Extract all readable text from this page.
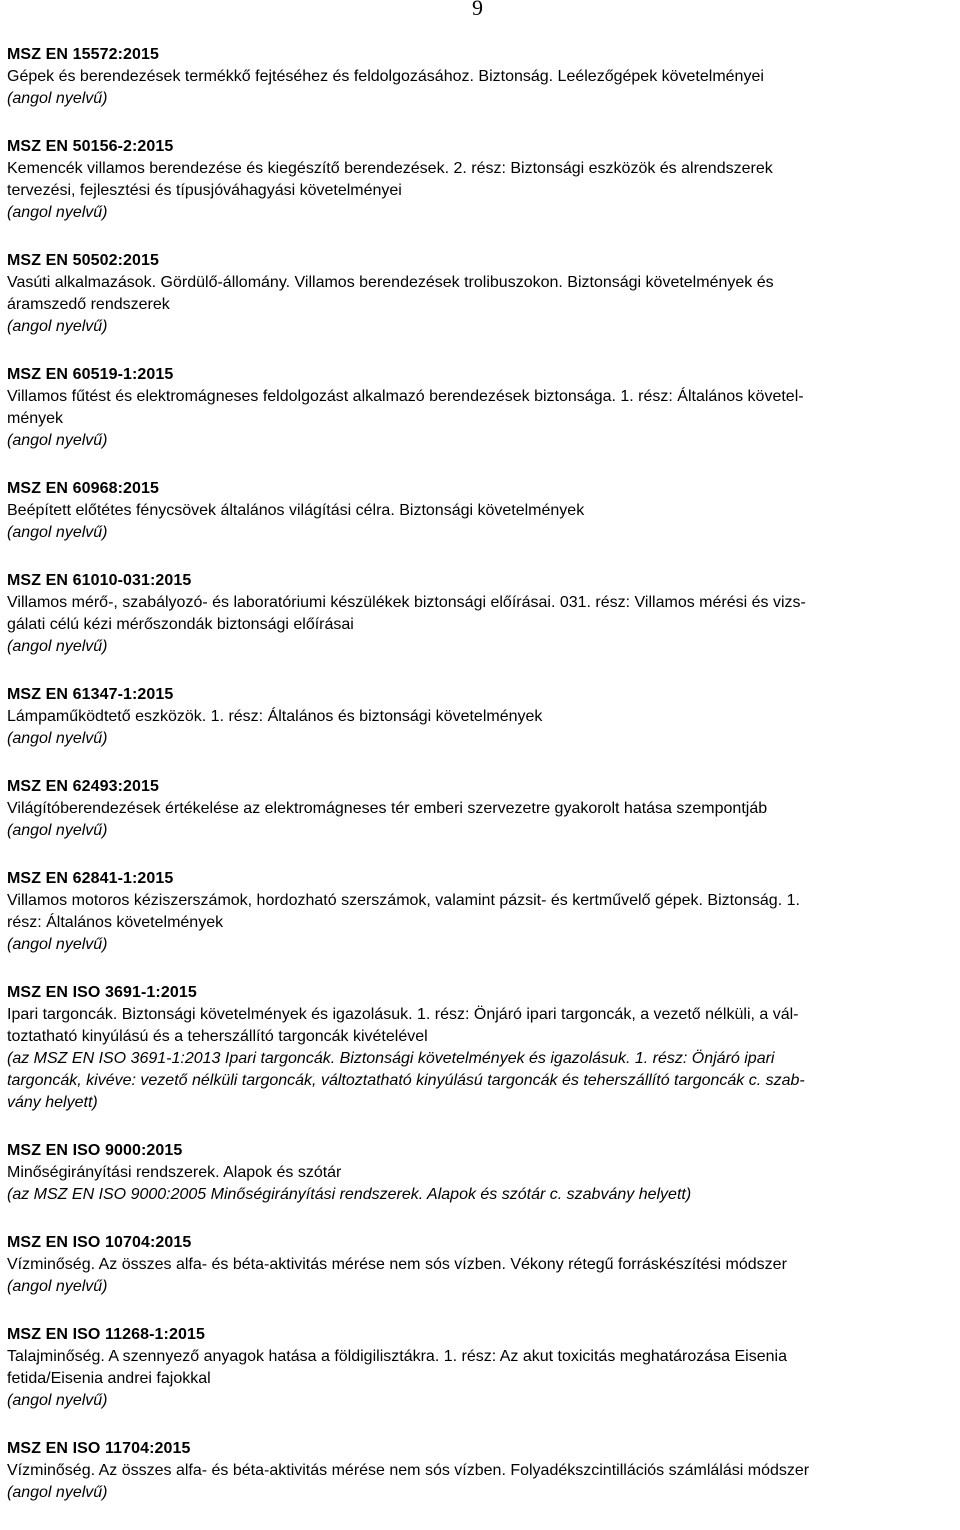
9
MSZ EN 15572:2015
Gépek és berendezések termékkő fejtéséhez és feldolgozásához. Biztonság. Leélezőgépek követelményei
(angol nyelvű)
MSZ EN 50156-2:2015
Kemencék villamos berendezése és kiegészítő berendezések. 2. rész: Biztonsági eszközök és alrendszerek
tervezési, fejlesztési és típusjóváhagyási követelményei
(angol nyelvű)
MSZ EN 50502:2015
Vasúti alkalmazások. Gördülő-állomány. Villamos berendezések trolibuszokon. Biztonsági követelmények és
áramszedő rendszerek
(angol nyelvű)
MSZ EN 60519-1:2015
Villamos fűtést és elektromágneses feldolgozást alkalmazó berendezések biztonsága. 1. rész: Általános követel-
mények
(angol nyelvű)
MSZ EN 60968:2015
Beépített előtétes fénycsövek általános világítási célra. Biztonsági követelmények
(angol nyelvű)
MSZ EN 61010-031:2015
Villamos mérő-, szabályozó- és laboratóriumi készülékek biztonsági előírásai. 031. rész: Villamos mérési és vizs-
gálati célú kézi mérőszondák biztonsági előírásai
(angol nyelvű)
MSZ EN 61347-1:2015
Lámpaműködtető eszközök. 1. rész: Általános és biztonsági követelmények
(angol nyelvű)
MSZ EN 62493:2015
Világítóberendezések értékelése az elektromágneses tér emberi szervezetre gyakorolt hatása szempontjáb
(angol nyelvű)
MSZ EN 62841-1:2015
Villamos motoros kéziszerszámok, hordozható szerszámok, valamint pázsit- és kertművelő gépek. Biztonság. 1.
rész: Általános követelmények
(angol nyelvű)
MSZ EN ISO 3691-1:2015
Ipari targoncák. Biztonsági követelmények és igazolásuk. 1. rész: Önjáró ipari targoncák, a vezető nélküli, a vál-
toztatható kinyúlású és a teherszállító targoncák kivételével
(az MSZ EN ISO 3691-1:2013 Ipari targoncák. Biztonsági követelmények és igazolásuk. 1. rész: Önjáró ipari
targoncák, kivéve: vezető nélküli targoncák, változtatható kinyúlású targoncák és teherszállító targoncák c. szab-
vány helyett)
MSZ EN ISO 9000:2015
Minőségirányítási rendszerek. Alapok és szótár
(az MSZ EN ISO 9000:2005 Minőségirányítási rendszerek. Alapok és szótár c. szabvány helyett)
MSZ EN ISO 10704:2015
Vízminőség. Az összes alfa- és béta-aktivitás mérése nem sós vízben. Vékony rétegű forráskészítési módszer
(angol nyelvű)
MSZ EN ISO 11268-1:2015
Talajminőség. A szennyező anyagok hatása a földigilisztákra. 1. rész: Az akut toxicitás meghatározása Eisenia
fetida/Eisenia andrei fajokkal
(angol nyelvű)
MSZ EN ISO 11704:2015
Vízminőség. Az összes alfa- és béta-aktivitás mérése nem sós vízben. Folyadékszcintillációs számlálási módszer
(angol nyelvű)
